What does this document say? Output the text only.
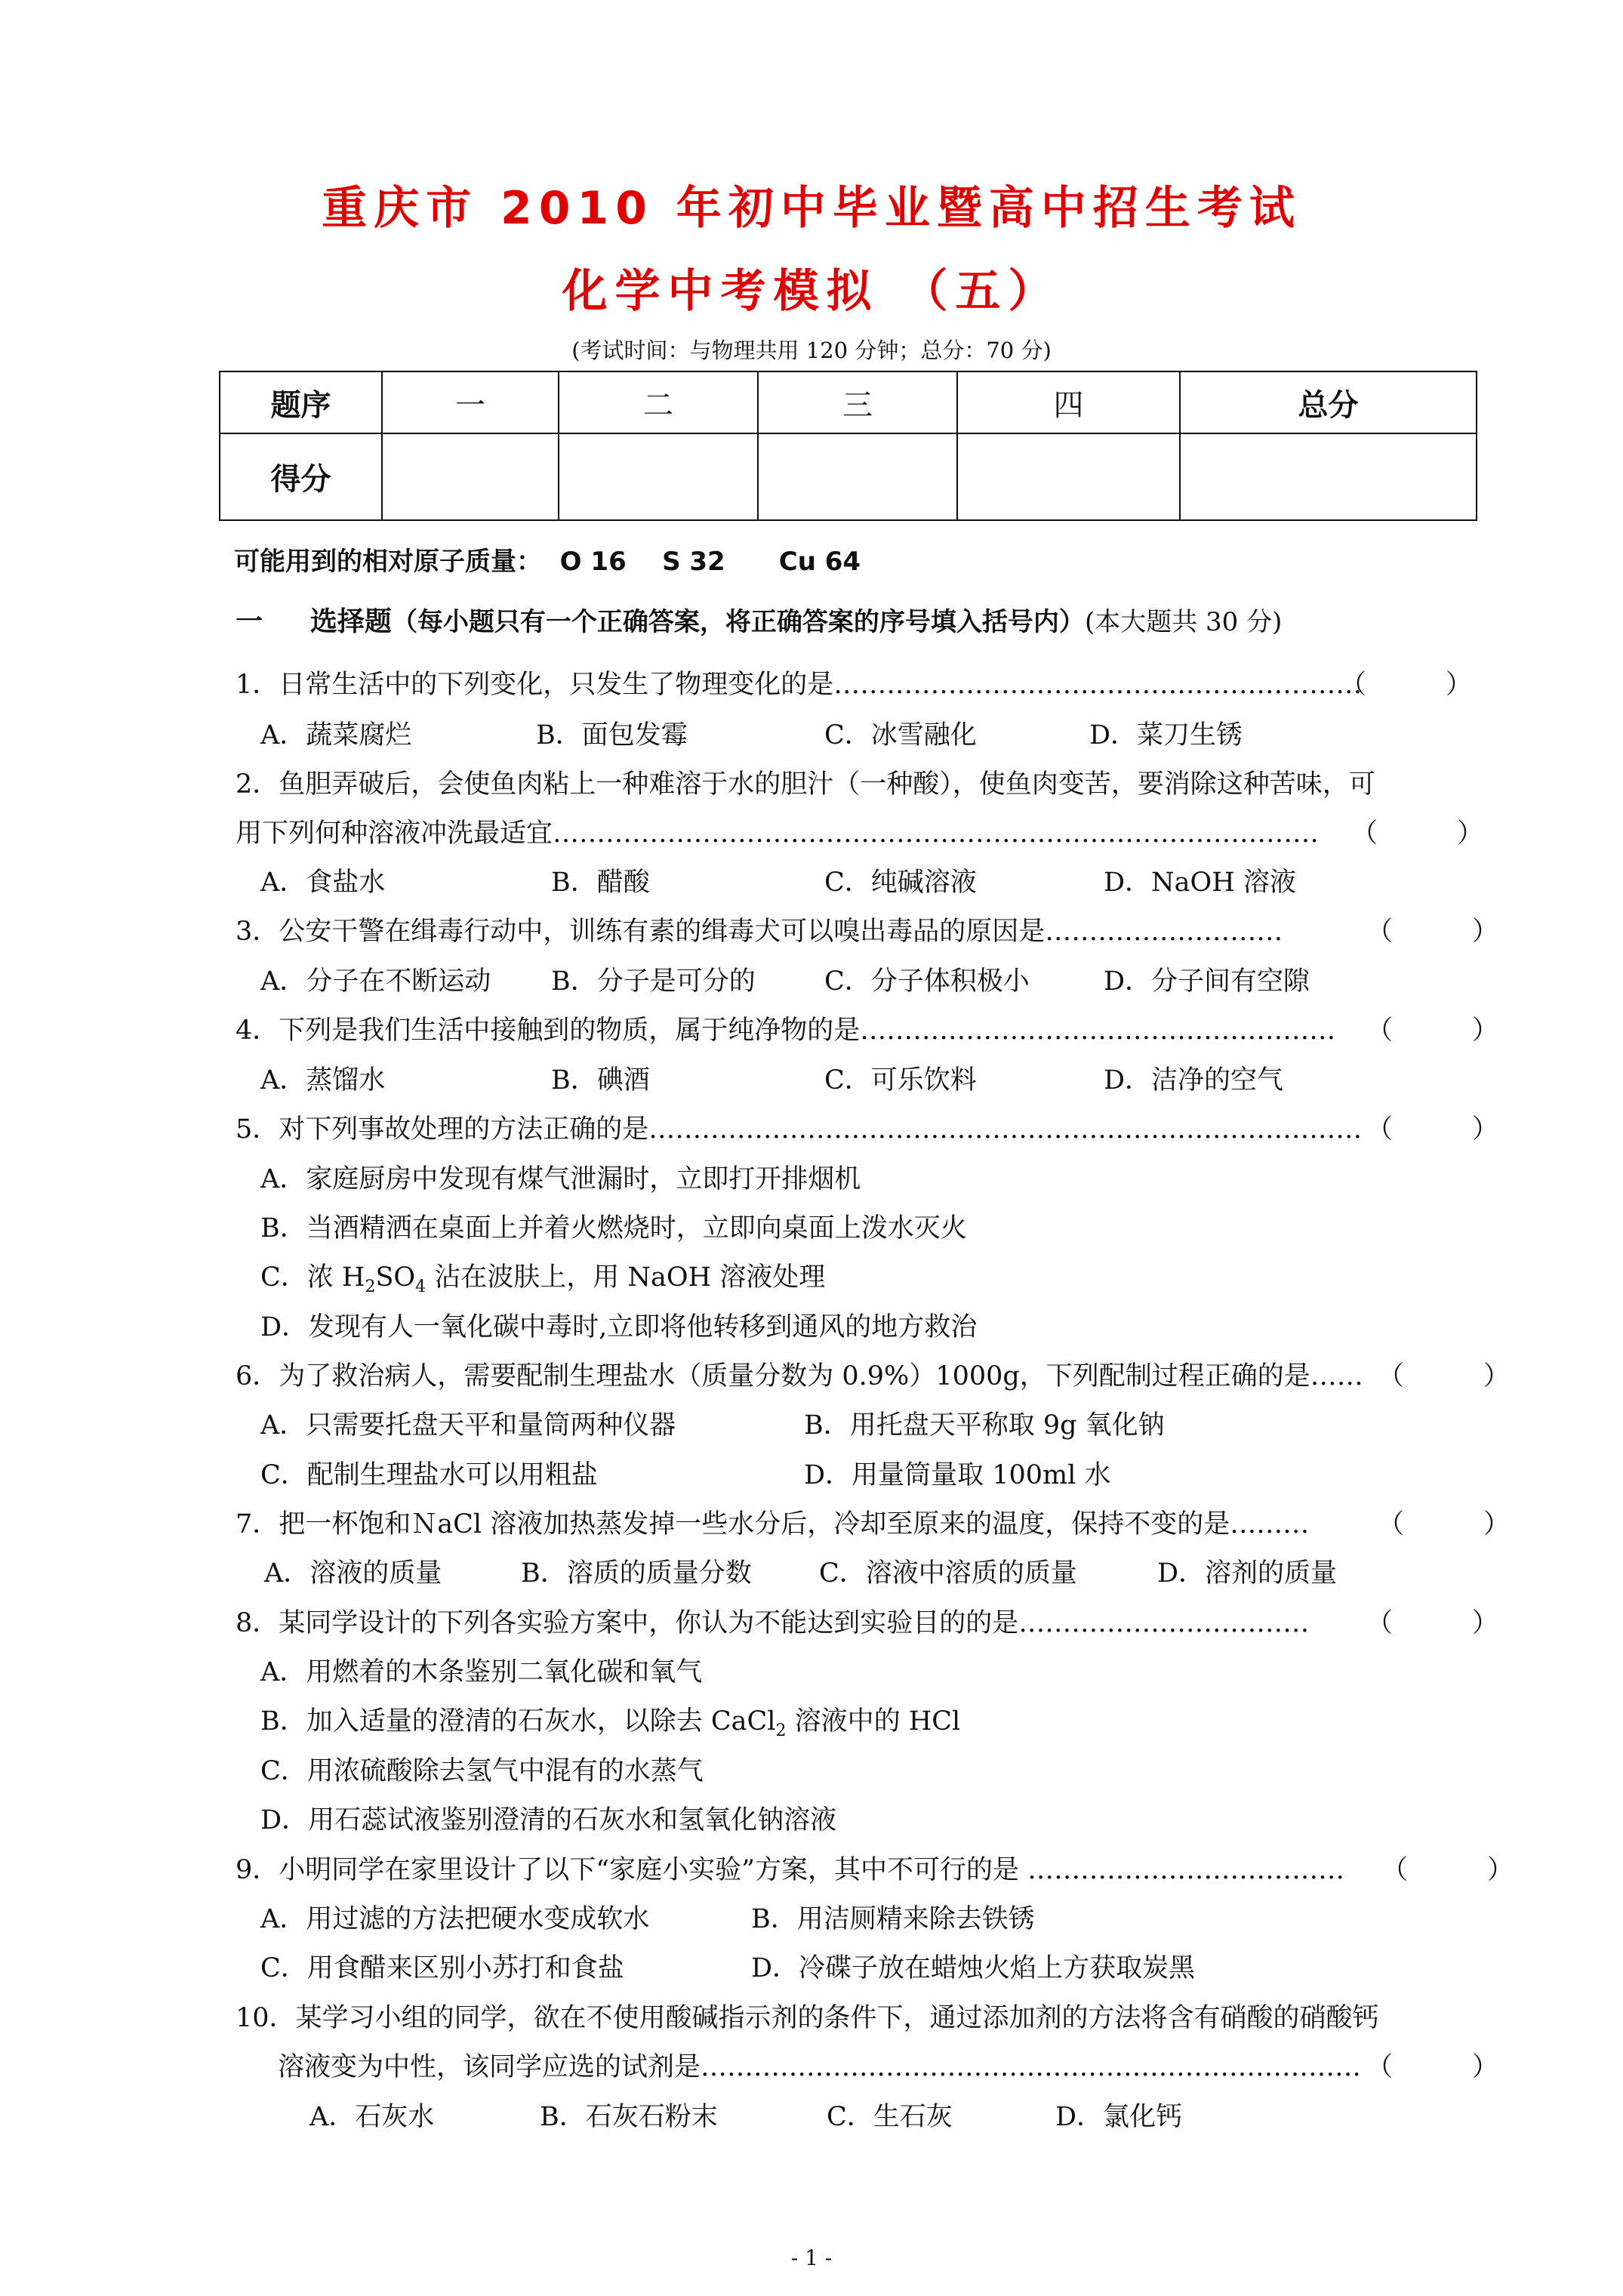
重庆市 2010 年初中毕业暨高中招生考试
化学中考模拟 （五）
(考试时间：与物理共用 120 分钟；总分：70 分)
题序	一	二	三	四	总分
得分					
可能用到的相对原子质量：  O 16    S 32      Cu 64
一 选择题（每小题只有一个正确答案，将正确答案的序号填入括号内）(本大题共 30 分)
1．日常生活中的下列变化，只发生了物理变化的是……………………………………………………
（　　　）
A．蔬菜腐烂	B．面包发霉	C．冰雪融化	D．菜刀生锈
2．鱼胆弄破后，会使鱼肉粘上一种难溶于水的胆汁（一种酸），使鱼肉变苦，要消除这种苦味，可
用下列何种溶液冲洗最适宜…………………………………………………………………………… （　　　）
A．食盐水	B．醋酸	C．纯碱溶液	D．NaOH 溶液
3．公安干警在缉毒行动中，训练有素的缉毒犬可以嗅出毒品的原因是………………………	（　　　）
A．分子在不断运动 B．分子是可分的	C．分子体积极小	D．分子间有空隙
4．下列是我们生活中接触到的物质，属于纯净物的是……………………………………………… （　　　）
A．蒸馏水	B．碘酒	C．可乐饮料	D．洁净的空气
5．对下列事故处理的方法正确的是……………………………………………………………………… （　　　）
A．家庭厨房中发现有煤气泄漏时，立即打开排烟机
B．当酒精洒在桌面上并着火燃烧时，立即向桌面上泼水灭火
C．浓 $H_2SO_4$ 沾在波肤上，用 NaOH 溶液处理
D．发现有人一氧化碳中毒时,立即将他转移到通风的地方救治
6．为了救治病人，需要配制生理盐水（质量分数为 0.9%）1000g，下列配制过程正确的是…… （　　　）
A．只需要托盘天平和量筒两种仪器	B．用托盘天平称取 9g 氧化钠
C．配制生理盐水可以用粗盐	D．用量筒量取 100ml 水
7．把一杯饱和ＮaCl 溶液加热蒸发掉一些水分后，冷却至原来的温度，保持不变的是………	（　　　）
A．溶液的质量	B．溶质的质量分数	C．溶液中溶质的质量	D．溶剂的质量
8．某同学设计的下列各实验方案中，你认为不能达到实验目的的是…………………………… （　　　）
A．用燃着的木条鉴别二氧化碳和氧气
B．加入适量的澄清的石灰水，以除去 CaCl$_2$ 溶液中的 HCl
C．用浓硫酸除去氢气中混有的水蒸气
D．用石蕊试液鉴别澄清的石灰水和氢氧化钠溶液
9．小明同学在家里设计了以下“家庭小实验”方案，其中不可行的是 ……………………………… （　　　）
A．用过滤的方法把硬水变成软水	B．用洁厕精来除去铁锈
C．用食醋来区别小苏打和食盐	D．冷碟子放在蜡烛火焰上方获取炭黑
10．某学习小组的同学，欲在不使用酸碱指示剂的条件下，通过添加剂的方法将含有硝酸的硝酸钙
溶液变为中性，该同学应选的试剂是………………………………………………………………… （　　　）
A．石灰水	B．石灰石粉末	C．生石灰	D．氯化钙
- 1 -
